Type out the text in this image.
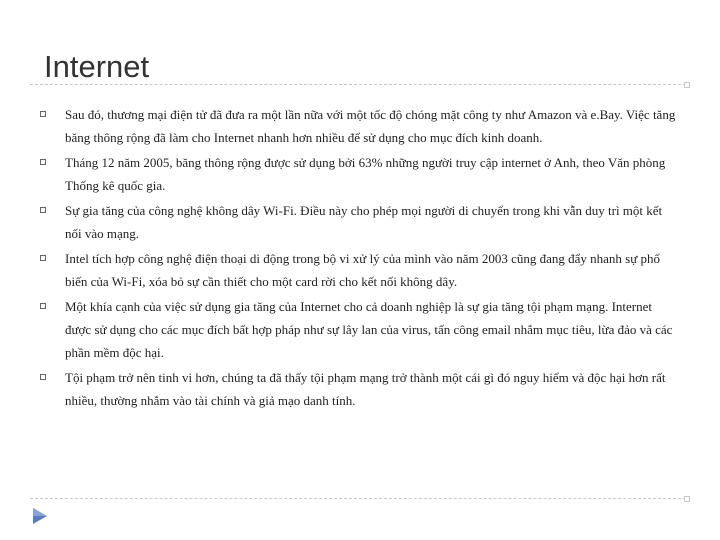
Internet
Sau đó, thương mại điện tử đã đưa ra một lần nữa với một tốc độ chóng mặt công ty như Amazon và e.Bay. Việc tăng băng thông rộng đã làm cho Internet nhanh hơn nhiều để sử dụng cho mục đích kinh doanh.
Tháng 12 năm 2005, băng thông rộng được sử dụng bởi 63% những người truy cập internet ở Anh, theo Văn phòng Thống kê quốc gia.
Sự gia tăng của công nghệ không dây Wi-Fi. Điều này cho phép mọi người di chuyển trong khi vẫn duy trì một kết nối vào mạng.
Intel tích hợp công nghệ điện thoại di động trong bộ vi xử lý của mình vào năm 2003 cũng đang đẩy nhanh sự phổ biến của Wi-Fi, xóa bỏ sự cần thiết cho một card rời cho kết nối không dây.
Một khía cạnh của việc sử dụng gia tăng của Internet cho cả doanh nghiệp là sự gia tăng tội phạm mạng. Internet được sử dụng cho các mục đích bất hợp pháp như sự lây lan của virus, tấn công email nhắm mục tiêu, lừa đảo và các phần mềm độc hại.
Tội phạm trở nên tinh vi hơn, chúng ta đã thấy tội phạm mạng trở thành một cái gì đó nguy hiểm và độc hại hơn rất nhiều, thường nhắm vào tài chính và giả mạo danh tính.
